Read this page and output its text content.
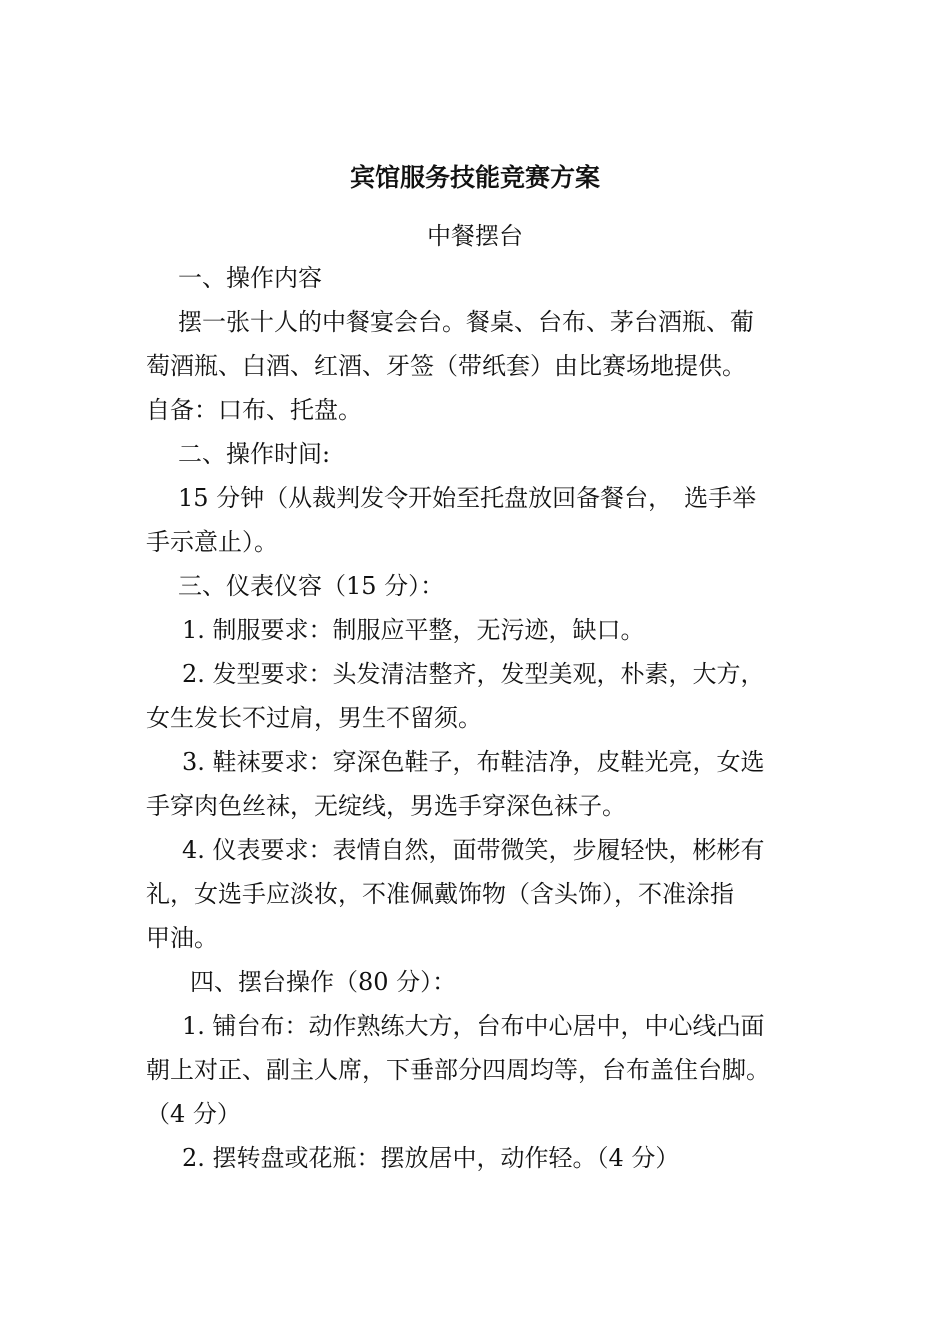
宾馆服务技能竞赛方案
中餐摆台
一、操作内容
摆一张十人的中餐宴会台。餐桌、台布、茅台酒瓶、葡
萄酒瓶、白酒、红酒、牙签（带纸套）由比赛场地提供。
自备：口布、托盘。
二、操作时间:
15 分钟（从裁判发令开始至托盘放回备餐台，　选手举
手示意止）。
三、仪表仪容（15 分）：
1. 制服要求：制服应平整，无污迹，缺口。
2. 发型要求：头发清洁整齐，发型美观，朴素，大方，
女生发长不过肩，男生不留须。
3. 鞋袜要求：穿深色鞋子，布鞋洁净，皮鞋光亮，女选
手穿肉色丝袜，无绽线，男选手穿深色袜子。
4. 仪表要求：表情自然，面带微笑，步履轻快，彬彬有
礼，女选手应淡妆，不准佩戴饰物（含头饰），不准涂指
甲油。
四、摆台操作（80 分）：
1. 铺台布：动作熟练大方，台布中心居中，中心线凸面
朝上对正、副主人席，下垂部分四周均等，台布盖住台脚。
（4 分）
2. 摆转盘或花瓶：摆放居中，动作轻。（4 分）
